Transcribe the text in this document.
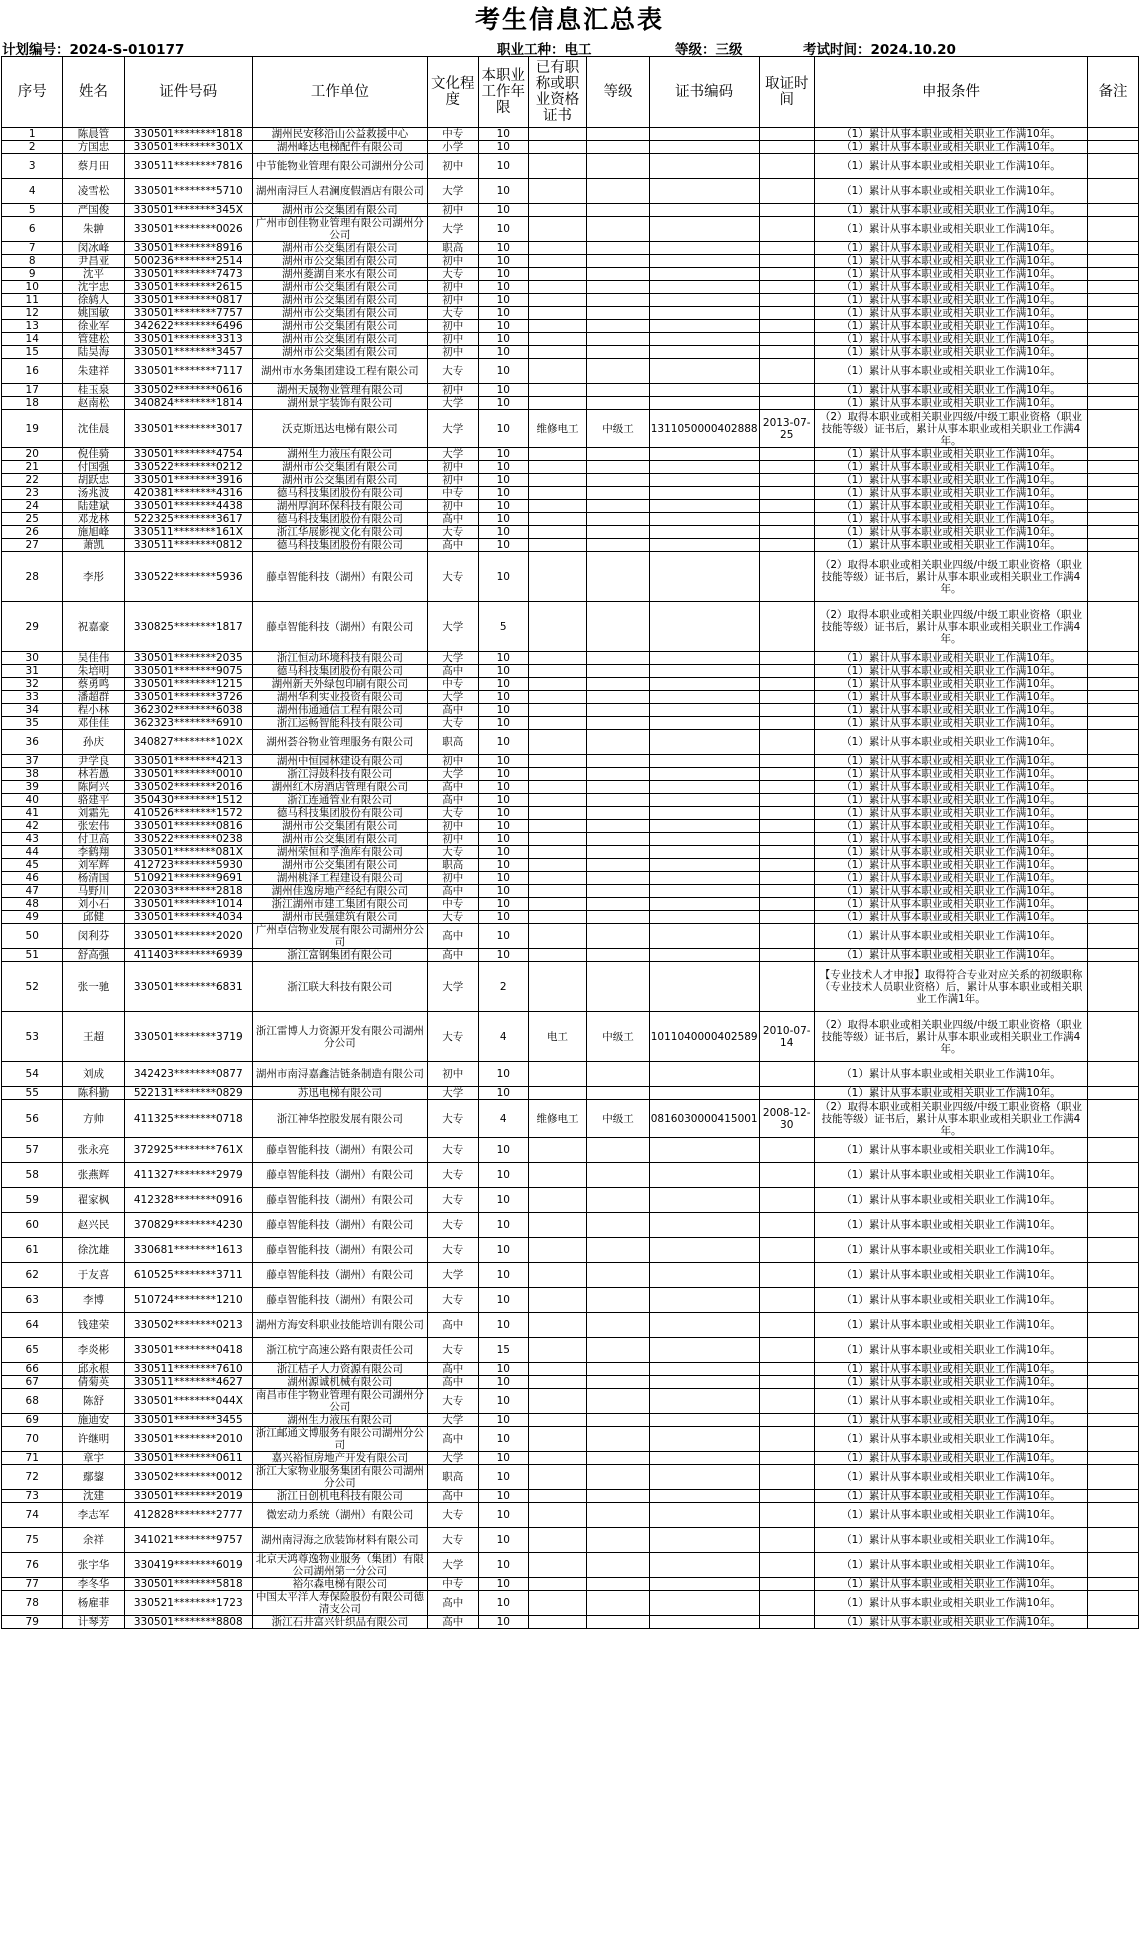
考生信息汇总表
计划编号：2024-S-010177	职业工种：电工	等级：三级	考试时间：2024.10.20
序号	姓名	证件号码	工作单位	文化程度	本职业工作年限	已有职称或职业资格证书	等级	证书编码	取证时间	申报条件	备注
1	陈晨管	330501********1818	湖州民安移沿山公益救援中心	中专	10					（1）累计从事本职业或相关职业工作满10年。	
2	方国忠	330501********301X	湖州峰达电梯配件有限公司	小学	10					（1）累计从事本职业或相关职业工作满10年。	
3	蔡月田	330511********7816	中节能物业管理有限公司湖州分公司	初中	10					（1）累计从事本职业或相关职业工作满10年。	
4	凌雪松	330501********5710	湖州南浔巨人君澜度假酒店有限公司	大学	10					（1）累计从事本职业或相关职业工作满10年。	
5	严国俊	330501********345X	湖州市公交集团有限公司	初中	10					（1）累计从事本职业或相关职业工作满10年。	
6	朱翀	330501********0026	广州市创佳物业管理有限公司湖州分公司	大学	10					（1）累计从事本职业或相关职业工作满10年。	
7	闵冰峰	330501********8916	湖州市公交集团有限公司	职高	10					（1）累计从事本职业或相关职业工作满10年。	
8	尹昌亚	500236********2514	湖州市公交集团有限公司	初中	10					（1）累计从事本职业或相关职业工作满10年。	
9	沈平	330501********7473	湖州菱湖自来水有限公司	大专	10					（1）累计从事本职业或相关职业工作满10年。	
10	沈宇忠	330501********2615	湖州市公交集团有限公司	初中	10					（1）累计从事本职业或相关职业工作满10年。	
11	徐鸫人	330501********0817	湖州市公交集团有限公司	初中	10					（1）累计从事本职业或相关职业工作满10年。	
12	姚国敏	330501********7757	湖州市公交集团有限公司	大专	10					（1）累计从事本职业或相关职业工作满10年。	
13	徐业军	342622********6496	湖州市公交集团有限公司	初中	10					（1）累计从事本职业或相关职业工作满10年。	
14	管建松	330501********3313	湖州市公交集团有限公司	初中	10					（1）累计从事本职业或相关职业工作满10年。	
15	陆昊海	330501********3457	湖州市公交集团有限公司	初中	10					（1）累计从事本职业或相关职业工作满10年。	
16	朱建祥	330501********7117	湖州市水务集团建设工程有限公司	大专	10					（1）累计从事本职业或相关职业工作满10年。	
17	桂玉泉	330502********0616	湖州天晟物业管理有限公司	初中	10					（1）累计从事本职业或相关职业工作满10年。	
18	赵南松	340824********1814	湖州景宇装饰有限公司	大学	10					（1）累计从事本职业或相关职业工作满10年。	
19	沈佳晨	330501********3017	沃克斯迅达电梯有限公司	大学	10	维修电工	中级工	1311050000402888	2013-07-25	（2）取得本职业或相关职业四级/中级工职业资格（职业技能等级）证书后，累计从事本职业或相关职业工作满4年。	
20	倪佳骑	330501********4754	湖州生力液压有限公司	大学	10					（1）累计从事本职业或相关职业工作满10年。	
21	付国强	330522********0212	湖州市公交集团有限公司	初中	10					（1）累计从事本职业或相关职业工作满10年。	
22	胡跃忠	330501********3916	湖州市公交集团有限公司	初中	10					（1）累计从事本职业或相关职业工作满10年。	
23	汤兆波	420381********4316	德马科技集团股份有限公司	中专	10					（1）累计从事本职业或相关职业工作满10年。	
24	陆建斌	330501********4438	湖州厚润环保科技有限公司	初中	10					（1）累计从事本职业或相关职业工作满10年。	
25	邓龙林	522325********3617	德马科技集团股份有限公司	高中	10					（1）累计从事本职业或相关职业工作满10年。	
26	施旭峰	330511********161X	浙江华展影视文化有限公司	大专	10					（1）累计从事本职业或相关职业工作满10年。	
27	萧凯	330511********0812	德马科技集团股份有限公司	高中	10					（1）累计从事本职业或相关职业工作满10年。	
28	李彤	330522********5936	藤卓智能科技（湖州）有限公司	大专	10					（2）取得本职业或相关职业四级/中级工职业资格（职业技能等级）证书后，累计从事本职业或相关职业工作满4年。	
29	祝嘉豪	330825********1817	藤卓智能科技（湖州）有限公司	大学	5					（2）取得本职业或相关职业四级/中级工职业资格（职业技能等级）证书后，累计从事本职业或相关职业工作满4年。	
30	吴佳伟	330501********2035	浙江恒动环境科技有限公司	大学	10					（1）累计从事本职业或相关职业工作满10年。	
31	朱培明	330501********9075	德马科技集团股份有限公司	高中	10					（1）累计从事本职业或相关职业工作满10年。	
32	蔡勇鸣	330501********1215	湖州新天外绿包印刷有限公司	中专	10					（1）累计从事本职业或相关职业工作满10年。	
33	潘超群	330501********3726	湖州华利实业投资有限公司	大学	10					（1）累计从事本职业或相关职业工作满10年。	
34	程小林	362302********6038	湖州伟通通信工程有限公司	高中	10					（1）累计从事本职业或相关职业工作满10年。	
35	邓佳佳	362323********6910	浙江运畅智能科技有限公司	大专	10					（1）累计从事本职业或相关职业工作满10年。	
36	孙庆	340827********102X	湖州荟谷物业管理服务有限公司	职高	10					（1）累计从事本职业或相关职业工作满10年。	
37	尹学良	330501********4213	湖州中恒园林建设有限公司	初中	10					（1）累计从事本职业或相关职业工作满10年。	
38	林若愚	330501********0010	浙江浔鼓科技有限公司	大学	10					（1）累计从事本职业或相关职业工作满10年。	
39	陈阿兴	330502********2016	湖州红木房酒店管理有限公司	高中	10					（1）累计从事本职业或相关职业工作满10年。	
40	骆建平	350430********1512	浙江连通管业有限公司	高中	10					（1）累计从事本职业或相关职业工作满10年。	
41	刘霜先	410526********1572	德马科技集团股份有限公司	大专	10					（1）累计从事本职业或相关职业工作满10年。	
42	张宏伟	330501********0816	湖州市公交集团有限公司	初中	10					（1）累计从事本职业或相关职业工作满10年。	
43	付卫高	330522********0238	湖州市公交集团有限公司	初中	10					（1）累计从事本职业或相关职业工作满10年。	
44	李鹤翔	330501********081X	湖州荣恒和孚渔库有限公司	大专	10					（1）累计从事本职业或相关职业工作满10年。	
45	刘军辉	412723********5930	湖州市公交集团有限公司	职高	10					（1）累计从事本职业或相关职业工作满10年。	
46	杨清国	510921********9691	湖州桃泽工程建设有限公司	初中	10					（1）累计从事本职业或相关职业工作满10年。	
47	马野川	220303********2818	湖州佳逸房地产经纪有限公司	高中	10					（1）累计从事本职业或相关职业工作满10年。	
48	刘小石	330501********1014	浙江湖州市建工集团有限公司	中专	10					（1）累计从事本职业或相关职业工作满10年。	
49	邱健	330501********4034	湖州市民强建筑有限公司	大专	10					（1）累计从事本职业或相关职业工作满10年。	
50	闵利芬	330501********2020	广州卓信物业发展有限公司湖州分公司	高中	10					（1）累计从事本职业或相关职业工作满10年。	
51	舒高强	411403********6939	浙江富钢集团有限公司	高中	10					（1）累计从事本职业或相关职业工作满10年。	
52	张一驰	330501********6831	浙江联大科技有限公司	大学	2					【专业技术人才申报】取得符合专业对应关系的初级职称（专业技术人员职业资格）后，累计从事本职业或相关职业工作满1年。	
53	王超	330501********3719	浙江雷博人力资源开发有限公司湖州分公司	大专	4	电工	中级工	1011040000402589	2010-07-14	（2）取得本职业或相关职业四级/中级工职业资格（职业技能等级）证书后，累计从事本职业或相关职业工作满4年。	
54	刘成	342423********0877	湖州市南浔嘉鑫洁链条制造有限公司	初中	10					（1）累计从事本职业或相关职业工作满10年。	
55	陈科勤	522131********0829	苏迅电梯有限公司	大学	10					（1）累计从事本职业或相关职业工作满10年。	
56	方帅	411325********0718	浙江神华控股发展有限公司	大专	4	维修电工	中级工	0816030000415001	2008-12-30	（2）取得本职业或相关职业四级/中级工职业资格（职业技能等级）证书后，累计从事本职业或相关职业工作满4年。	
57	张永亮	372925********761X	藤卓智能科技（湖州）有限公司	大专	10					（1）累计从事本职业或相关职业工作满10年。	
58	张燕辉	411327********2979	藤卓智能科技（湖州）有限公司	大专	10					（1）累计从事本职业或相关职业工作满10年。	
59	翟家枫	412328********0916	藤卓智能科技（湖州）有限公司	大专	10					（1）累计从事本职业或相关职业工作满10年。	
60	赵兴民	370829********4230	藤卓智能科技（湖州）有限公司	大专	10					（1）累计从事本职业或相关职业工作满10年。	
61	徐沈雄	330681********1613	藤卓智能科技（湖州）有限公司	大专	10					（1）累计从事本职业或相关职业工作满10年。	
62	于友喜	610525********3711	藤卓智能科技（湖州）有限公司	大学	10					（1）累计从事本职业或相关职业工作满10年。	
63	李博	510724********1210	藤卓智能科技（湖州）有限公司	大专	10					（1）累计从事本职业或相关职业工作满10年。	
64	钱建荣	330502********0213	湖州方海安科职业技能培训有限公司	高中	10					（1）累计从事本职业或相关职业工作满10年。	
65	李炎彬	330501********0418	浙江杭宁高速公路有限责任公司	大专	15					（1）累计从事本职业或相关职业工作满10年。	
66	邱永根	330511********7610	浙江桔子人力资源有限公司	高中	10					（1）累计从事本职业或相关职业工作满10年。	
67	倩菊英	330511********4627	湖州源诚机械有限公司	高中	10					（1）累计从事本职业或相关职业工作满10年。	
68	陈舒	330501********044X	南昌市佳宇物业管理有限公司湖州分公司	大专	10					（1）累计从事本职业或相关职业工作满10年。	
69	施迪安	330501********3455	湖州生力液压有限公司	大学	10					（1）累计从事本职业或相关职业工作满10年。	
70	许继明	330501********2010	浙江邮通文博服务有限公司湖州分公司	高中	10					（1）累计从事本职业或相关职业工作满10年。	
71	章宇	330501********0611	嘉兴裕恒房地产开发有限公司	大学	10					（1）累计从事本职业或相关职业工作满10年。	
72	鄢鋆	330502********0012	浙江大家物业服务集团有限公司湖州分公司	职高	10					（1）累计从事本职业或相关职业工作满10年。	
73	沈建	330501********2019	浙江日创机电科技有限公司	高中	10					（1）累计从事本职业或相关职业工作满10年。	
74	李志军	412828********2777	微宏动力系统（湖州）有限公司	大专	10					（1）累计从事本职业或相关职业工作满10年。	
75	余祥	341021********9757	湖州南浔海之欣装饰材料有限公司	大专	10					（1）累计从事本职业或相关职业工作满10年。	
76	张宇华	330419********6019	北京天鸿尊逸物业服务（集团）有限公司湖州第一分公司	大学	10					（1）累计从事本职业或相关职业工作满10年。	
77	李冬华	330501********5818	裕尔森电梯有限公司	中专	10					（1）累计从事本职业或相关职业工作满10年。	
78	杨雇菲	330521********1723	中国太平洋人寿保险股份有限公司德清支公司	高中	10					（1）累计从事本职业或相关职业工作满10年。	
79	计琴芳	330501********8808	浙江石井富兴针织品有限公司	高中	10					（1）累计从事本职业或相关职业工作满10年。	
